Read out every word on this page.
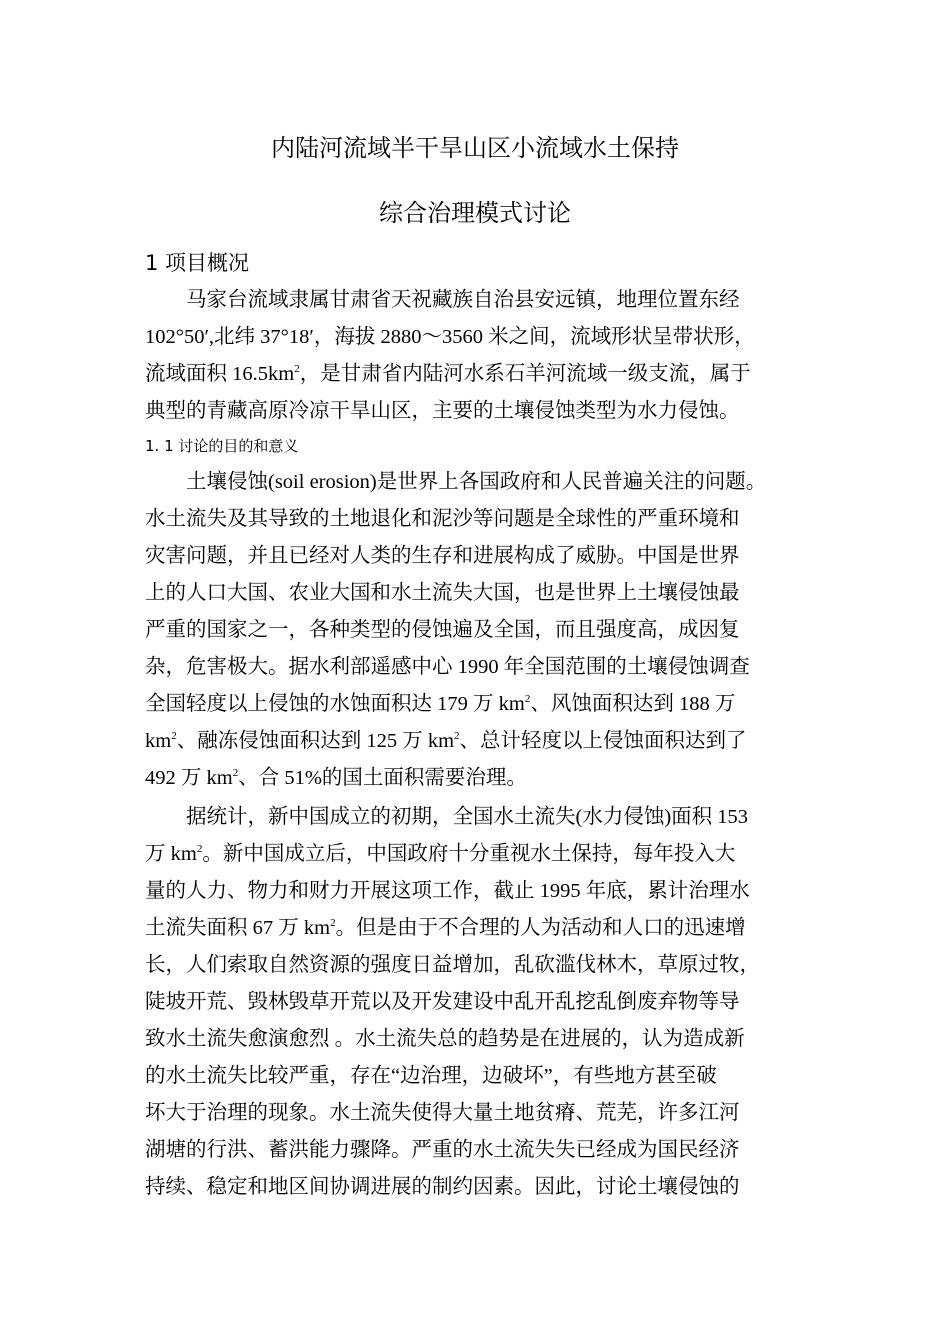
内陆河流域半干旱山区小流域水土保持
综合治理模式讨论
1 项目概况
马家台流域隶属甘肃省天祝藏族自治县安远镇，地理位置东经
102°50′,北纬 37°18′，海拔 2880～3560 米之间，流域形状呈带状形，
流域面积 $16.5km^2$，是甘肃省内陆河水系石羊河流域一级支流，属于
典型的青藏高原冷凉干旱山区，主要的土壤侵蚀类型为水力侵蚀。
1. 1 讨论的目的和意义
土壤侵蚀(soil erosion)是世界上各国政府和人民普遍关注的问题。
水土流失及其导致的土地退化和泥沙等问题是全球性的严重环境和
灾害问题，并且已经对人类的生存和进展构成了威胁。中国是世界
上的人口大国、农业大国和水土流失大国，也是世界上土壤侵蚀最
严重的国家之一，各种类型的侵蚀遍及全国，而且强度高，成因复
杂，危害极大。据水利部遥感中心 1990 年全国范围的土壤侵蚀调查
全国轻度以上侵蚀的水蚀面积达 179 万 $km^2$、风蚀面积达到 188 万
$km^2$、融冻侵蚀面积达到 125 万 $km^2$、总计轻度以上侵蚀面积达到了
492 万 $km^2$、合 51%的国土面积需要治理。
据统计，新中国成立的初期，全国水土流失(水力侵蚀)面积 153
万 $km^2$。新中国成立后，中国政府十分重视水土保持，每年投入大
量的人力、物力和财力开展这项工作，截止 1995 年底，累计治理水
土流失面积 67 万 $km^2$。但是由于不合理的人为活动和人口的迅速增
长，人们索取自然资源的强度日益增加，乱砍滥伐林木，草原过牧，
陡坡开荒、毁林毁草开荒以及开发建设中乱开乱挖乱倒废弃物等导
致水土流失愈演愈烈 。水土流失总的趋势是在进展的，认为造成新
的水土流失比较严重，存在“边治理，边破坏”，有些地方甚至破
坏大于治理的现象。水土流失使得大量土地贫瘠、荒芜，许多江河
湖塘的行洪、蓄洪能力骤降。严重的水土流失失已经成为国民经济
持续、稳定和地区间协调进展的制约因素。因此，讨论土壤侵蚀的
